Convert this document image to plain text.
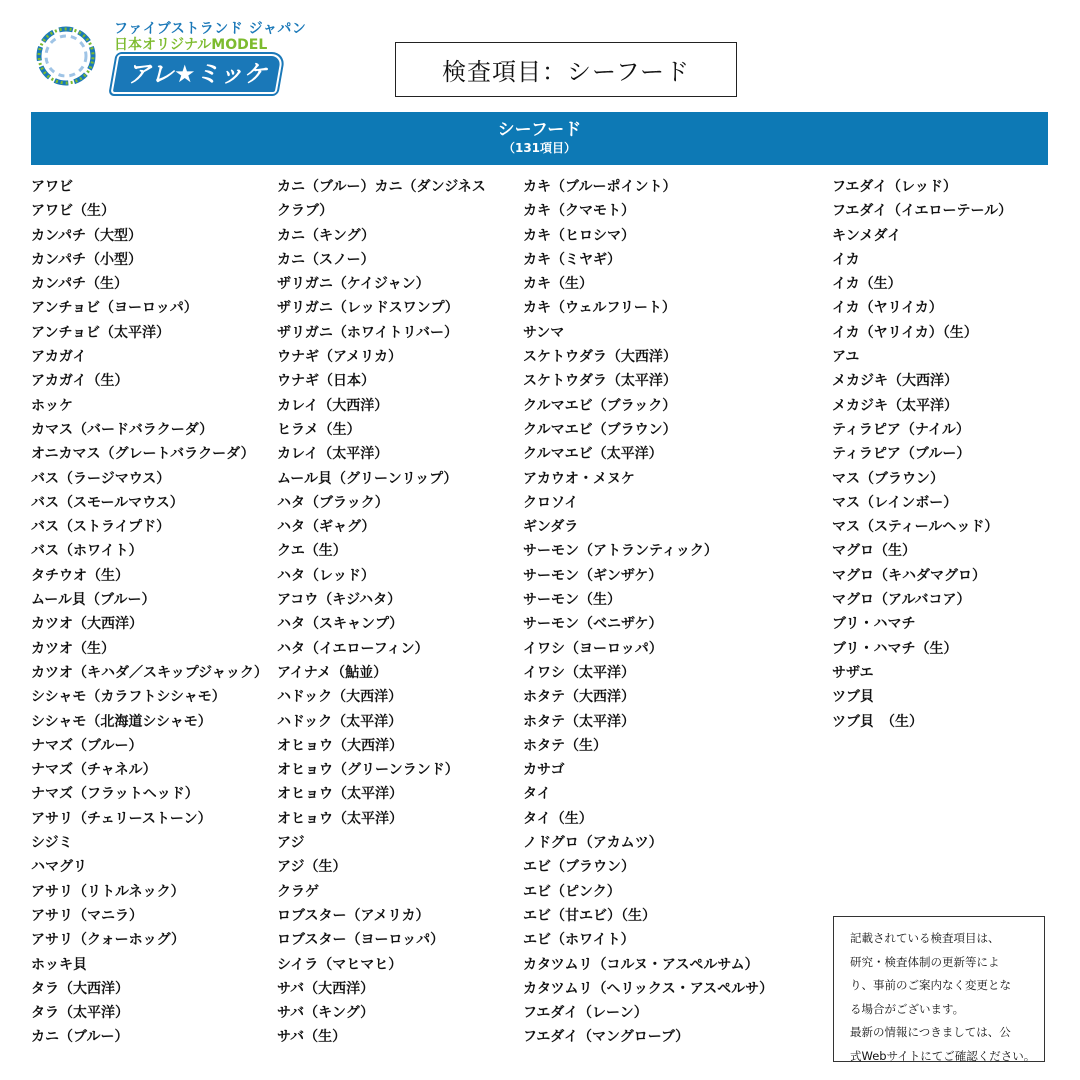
ファイブストランド ジャパン
日本オリジナルMODEL
アレ★ミッケ	検査項目：シーフード
シーフード
（131項目）
アワビ
アワビ（生）
カンパチ（大型）
カンパチ（小型）
カンパチ（生）
アンチョビ（ヨーロッパ）
アンチョビ（太平洋）
アカガイ
アカガイ（生）
ホッケ
カマス（バードバラクーダ）
オニカマス（グレートバラクーダ）
バス（ラージマウス）
バス（スモールマウス）
バス（ストライプド）
バス（ホワイト）
タチウオ（生）
ムール貝（ブルー）
カツオ（大西洋）
カツオ（生）
カツオ（キハダ／スキップジャック）
シシャモ（カラフトシシャモ）
シシャモ（北海道シシャモ）
ナマズ（ブルー）
ナマズ（チャネル）
ナマズ（フラットヘッド）
アサリ（チェリーストーン）
シジミ
ハマグリ
アサリ（リトルネック）
アサリ（マニラ）
アサリ（クォーホッグ）
ホッキ貝
タラ（大西洋）
タラ（太平洋）
カニ（ブルー）
カニ（ブルー）カニ（ダンジネス
クラブ）
カニ（キング）
カニ（スノー）
ザリガニ（ケイジャン）
ザリガニ（レッドスワンプ）
ザリガニ（ホワイトリバー）
ウナギ（アメリカ）
ウナギ（日本）
カレイ（大西洋）
ヒラメ（生）
カレイ（太平洋）
ムール貝（グリーンリップ）
ハタ（ブラック）
ハタ（ギャグ）
クエ（生）
ハタ（レッド）
アコウ（キジハタ）
ハタ（スキャンプ）
ハタ（イエローフィン）
アイナメ（鮎並）
ハドック（大西洋）
ハドック（太平洋）
オヒョウ（大西洋）
オヒョウ（グリーンランド）
オヒョウ（太平洋）
オヒョウ（太平洋）
アジ
アジ（生）
クラゲ
ロブスター（アメリカ）
ロブスター（ヨーロッパ）
シイラ（マヒマヒ）
サバ（大西洋）
サバ（キング）
サバ（生）
カキ（ブルーポイント）
カキ（クマモト）
カキ（ヒロシマ）
カキ（ミヤギ）
カキ（生）
カキ（ウェルフリート）
サンマ
スケトウダラ（大西洋）
スケトウダラ（太平洋）
クルマエビ（ブラック）
クルマエビ（ブラウン）
クルマエビ（太平洋）
アカウオ・メヌケ
クロソイ
ギンダラ
サーモン（アトランティック）
サーモン（ギンザケ）
サーモン（生）
サーモン（ベニザケ）
イワシ（ヨーロッパ）
イワシ（太平洋）
ホタテ（大西洋）
ホタテ（太平洋）
ホタテ（生）
カサゴ
タイ
タイ（生）
ノドグロ（アカムツ）
エビ（ブラウン）
エビ（ピンク）
エビ（甘エビ）（生）
エビ（ホワイト）
カタツムリ（コルヌ・アスペルサム）
カタツムリ（ヘリックス・アスペルサ）
フエダイ（レーン）
フエダイ（マングローブ）
フエダイ（レッド）
フエダイ（イエローテール）
キンメダイ
イカ
イカ（生）
イカ（ヤリイカ）
イカ（ヤリイカ）（生）
アユ
メカジキ（大西洋）
メカジキ（太平洋）
ティラピア（ナイル）
ティラピア（ブルー）
マス（ブラウン）
マス（レインボー）
マス（スティールヘッド）
マグロ（生）
マグロ（キハダマグロ）
マグロ（アルバコア）
ブリ・ハマチ
ブリ・ハマチ（生）
サザエ
ツブ貝
ツブ貝　（生）
記載されている検査項目は、
研究・検査体制の更新等によ
り、事前のご案内なく変更とな
る場合がございます。
最新の情報につきましては、公
式Webサイトにてご確認ください。
